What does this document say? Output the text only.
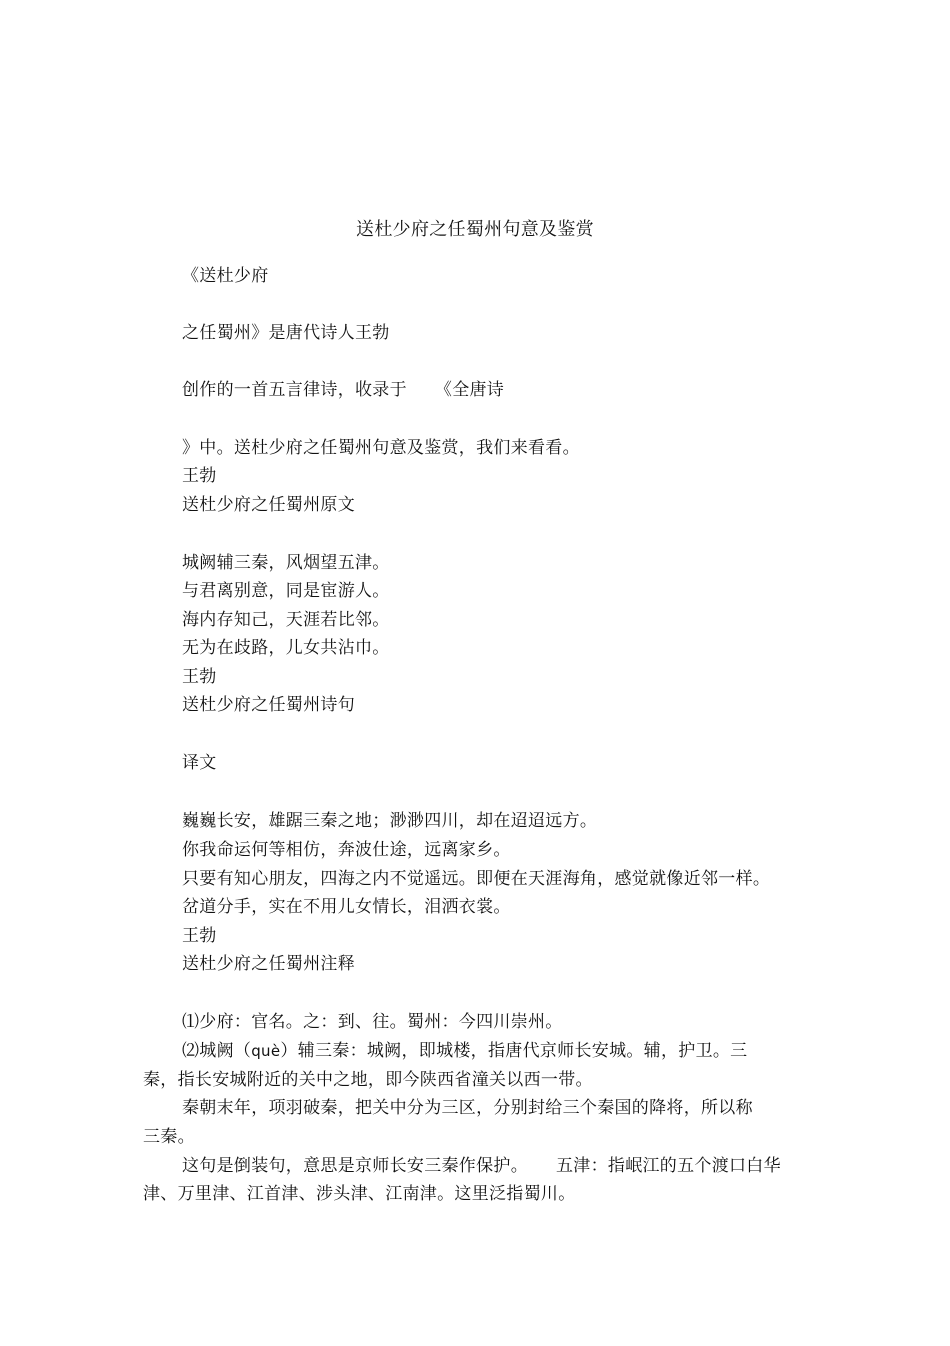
送杜少府之任蜀州句意及鉴赏
《送杜少府
之任蜀州》是唐代诗人王勃
创作的一首五言律诗，收录于 《全唐诗
》中。送杜少府之任蜀州句意及鉴赏，我们来看看。
王勃
送杜少府之任蜀州原文
城阙辅三秦，风烟望五津。
与君离别意，同是宦游人。
海内存知己，天涯若比邻。
无为在歧路，儿女共沾巾。
王勃
送杜少府之任蜀州诗句
译文
巍巍长安，雄踞三秦之地；渺渺四川，却在迢迢远方。
你我命运何等相仿，奔波仕途，远离家乡。
只要有知心朋友，四海之内不觉遥远。即便在天涯海角，感觉就像近邻一样。
岔道分手，实在不用儿女情长，泪洒衣裳。
王勃
送杜少府之任蜀州注释
⑴少府：官名。之：到、往。蜀州：今四川崇州。
⑵城阙（què）辅三秦：城阙，即城楼，指唐代京师长安城。辅，护卫。三
秦，指长安城附近的关中之地，即今陕西省潼关以西一带。
秦朝末年，项羽破秦，把关中分为三区，分别封给三个秦国的降将，所以称
三秦。
这句是倒装句，意思是京师长安三秦作保护。 五津：指岷江的五个渡口白华
津、万里津、江首津、涉头津、江南津。这里泛指蜀川。
